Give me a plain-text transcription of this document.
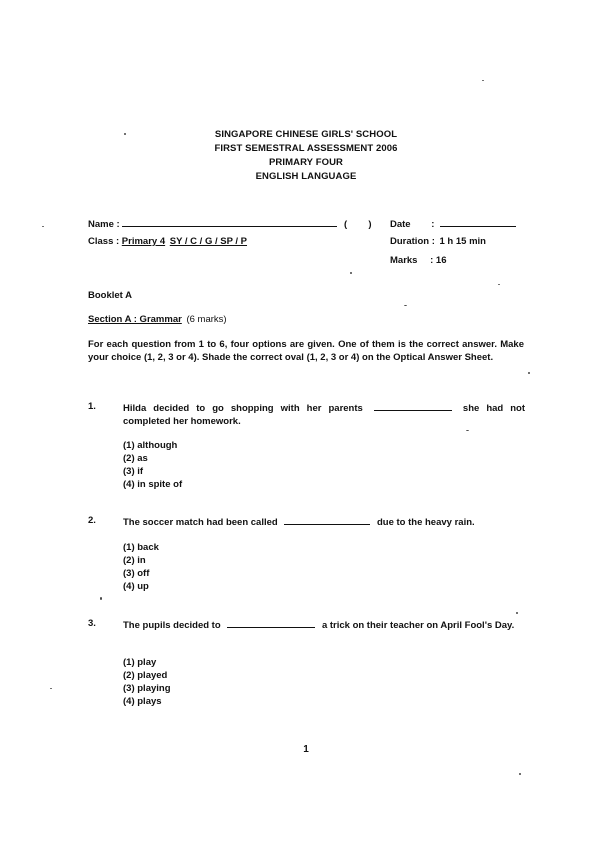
SINGAPORE CHINESE GIRLS' SCHOOL
FIRST SEMESTRAL ASSESSMENT 2006
PRIMARY FOUR
ENGLISH LANGUAGE
Name :	( ) Date :
Class : Primary 4 SY / C / G / SP / P	Duration : 1 h 15 min
Marks : 16
Booklet A
Section A : Grammar (6 marks)
For each question from 1 to 6, four options are given. One of them is the correct answer. Make your choice (1, 2, 3 or 4). Shade the correct oval (1, 2, 3 or 4) on the Optical Answer Sheet.
1.	Hilda decided to go shopping with her parents	she had not completed her homework.
(1) although
(2) as
(3) if
(4) in spite of
2.	The soccer match had been called	due to the heavy rain.
(1) back
(2) in
(3) off
(4) up
3.	The pupils decided to	a trick on their teacher on April Fool's Day.
(1) play
(2) played
(3) playing
(4) plays
1
